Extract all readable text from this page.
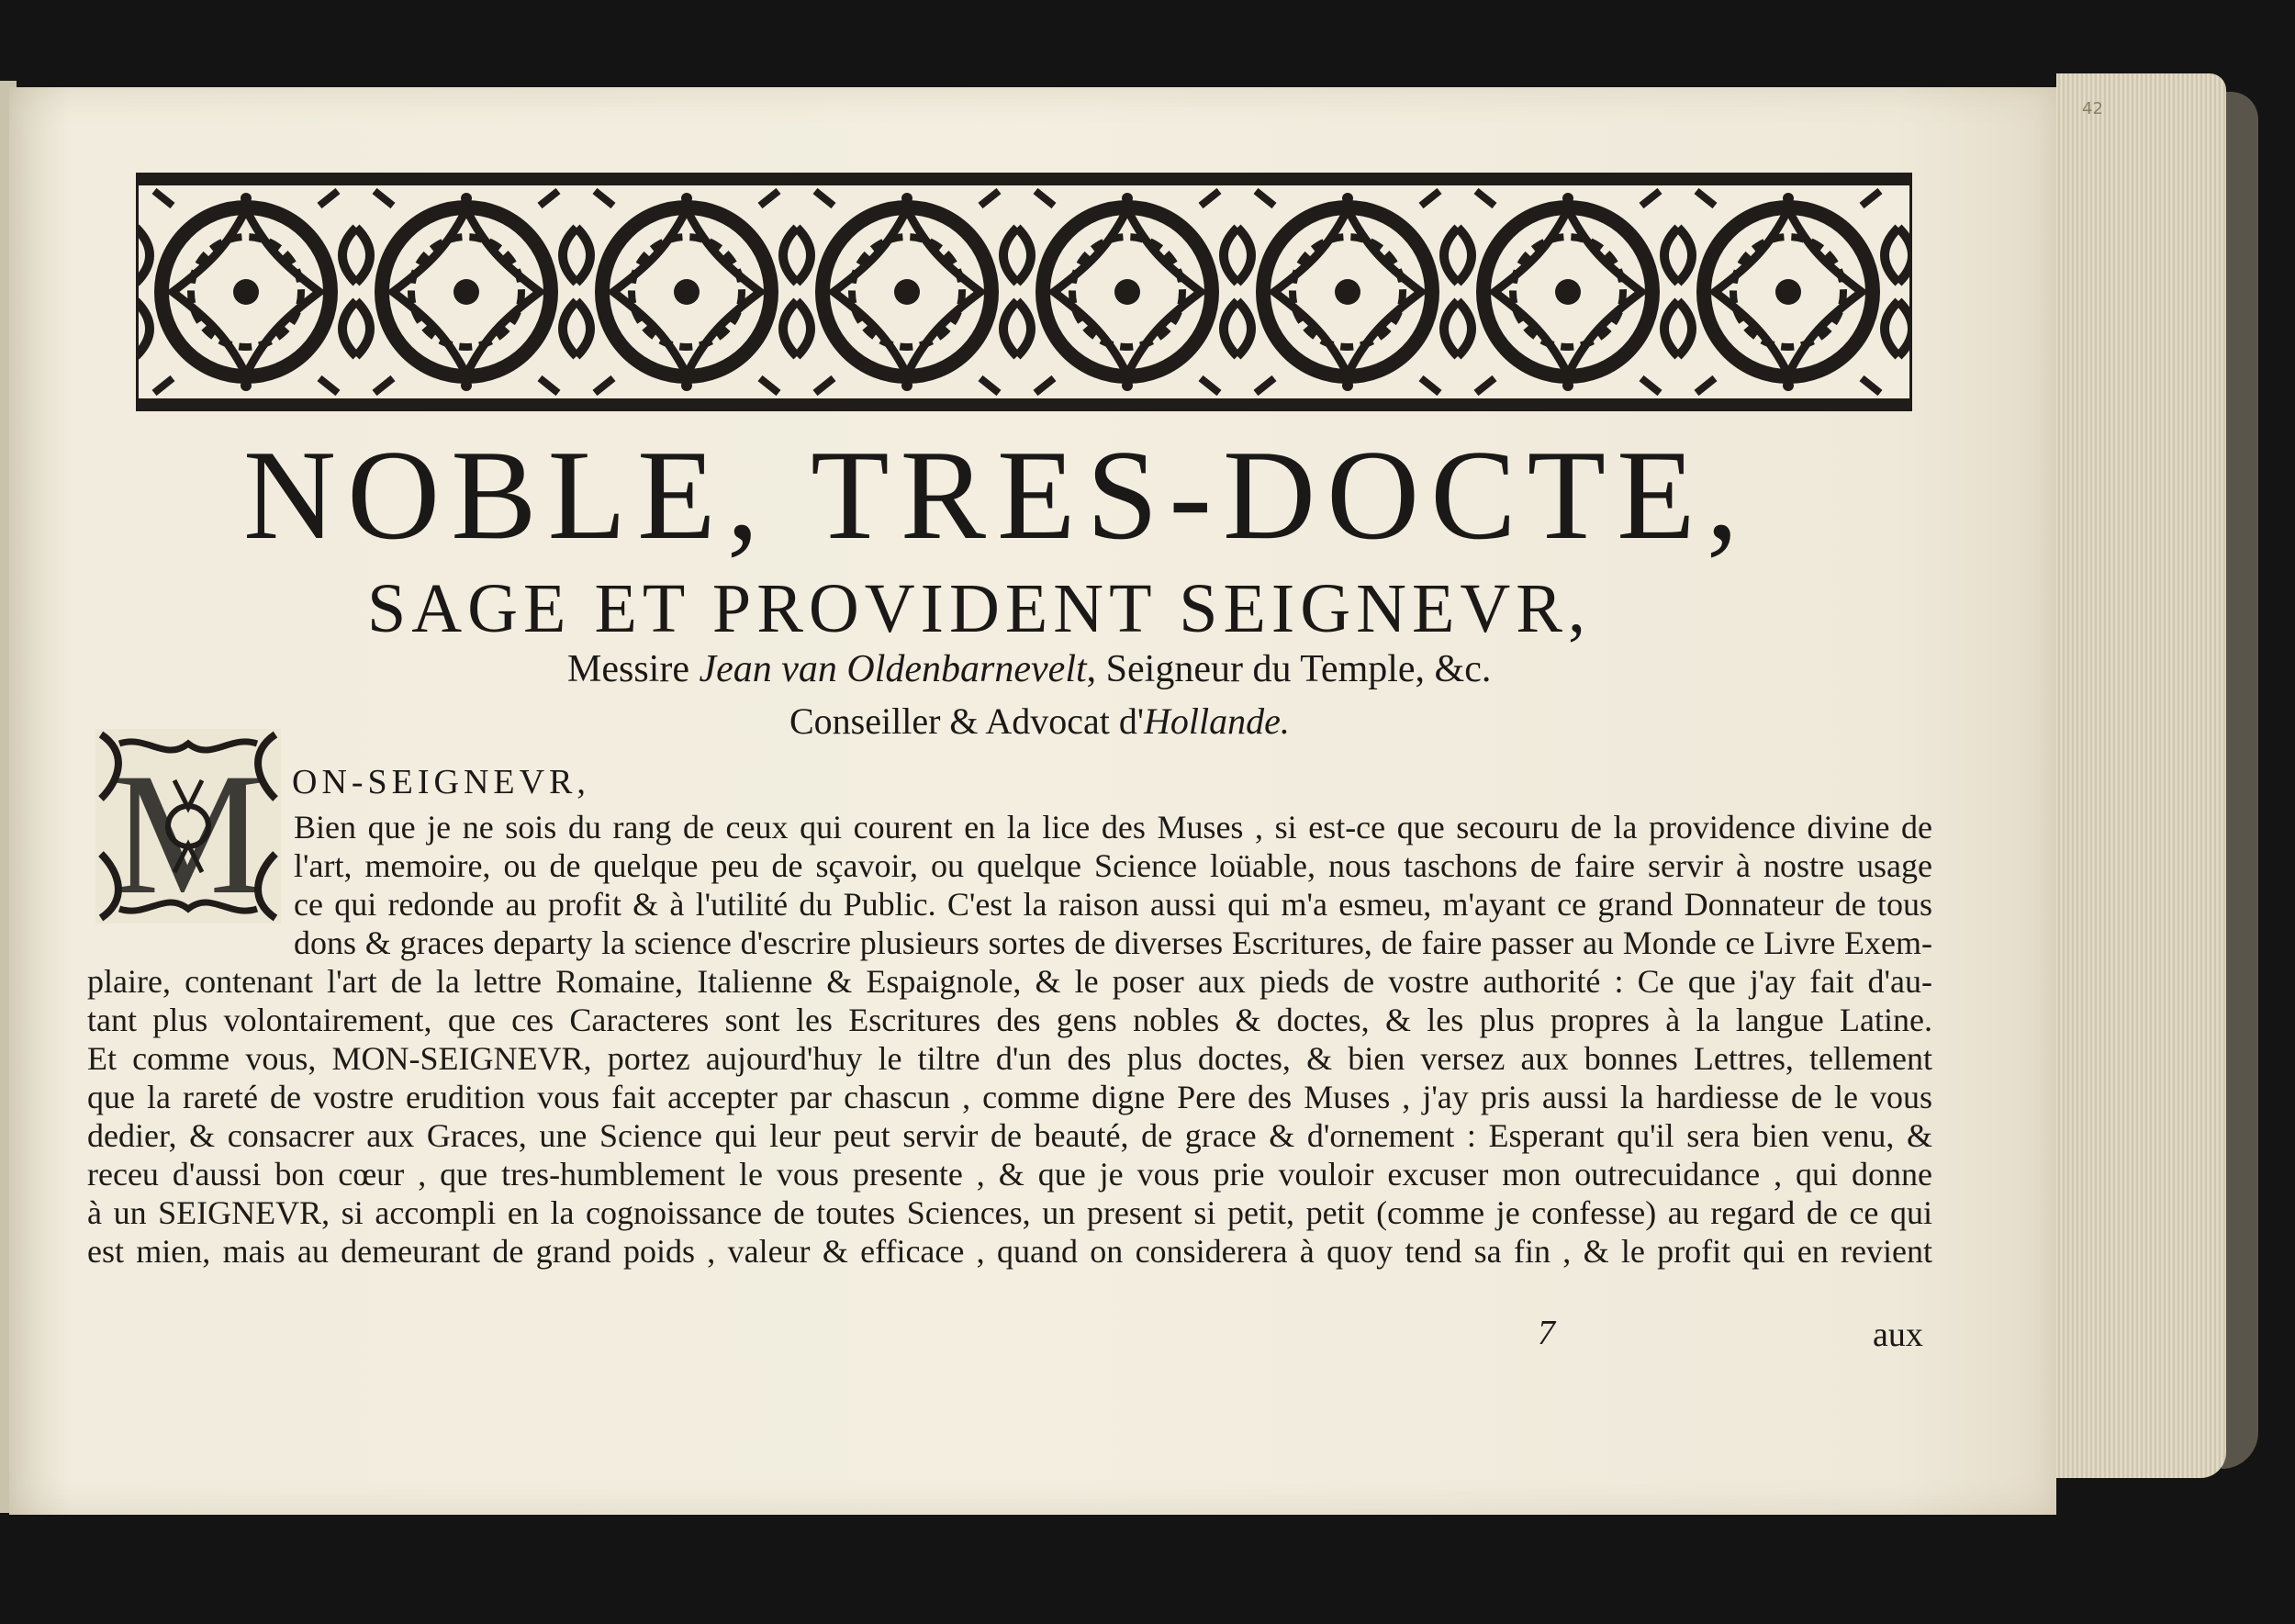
42
NOBLE, TRES-DOCTE,
SAGE ET PROVIDENT SEIGNEVR,
Messire Jean van Oldenbarnevelt, Seigneur du Temple, &c.
Conseiller & Advocat d'Hollande.
M ON-SEIGNEVR,
Bien que je ne sois du rang de ceux qui courent en la lice des Muses , si est-ce que secouru de la providence divine de
l'art, memoire, ou de quelque peu de sçavoir, ou quelque Science loüable, nous taschons de faire servir à nostre usage
ce qui redonde au profit & à l'utilité du Public. C'est la raison aussi qui m'a esmeu, m'ayant ce grand Donnateur de tous
dons & graces departy la science d'escrire plusieurs sortes de diverses Escritures, de faire passer au Monde ce Livre Exem-
plaire, contenant l'art de la lettre Romaine, Italienne & Espaignole, & le poser aux pieds de vostre authorité : Ce que j'ay fait d'au-
tant plus volontairement, que ces Caracteres sont les Escritures des gens nobles & doctes, & les plus propres à la langue Latine.
Et comme vous, MON-SEIGNEVR, portez aujourd'huy le tiltre d'un des plus doctes, & bien versez aux bonnes Lettres, tellement
que la rareté de vostre erudition vous fait accepter par chascun , comme digne Pere des Muses , j'ay pris aussi la hardiesse de le vous
dedier, & consacrer aux Graces, une Science qui leur peut servir de beauté, de grace & d'ornement : Esperant qu'il sera bien venu, &
receu d'aussi bon cœur , que tres-humblement le vous presente , & que je vous prie vouloir excuser mon outrecuidance , qui donne
à un SEIGNEVR, si accompli en la cognoissance de toutes Sciences, un present si petit, petit (comme je confesse) au regard de ce qui
est mien, mais au demeurant de grand poids , valeur & efficace , quand on considerera à quoy tend sa fin , & le profit qui en revient
7	aux
